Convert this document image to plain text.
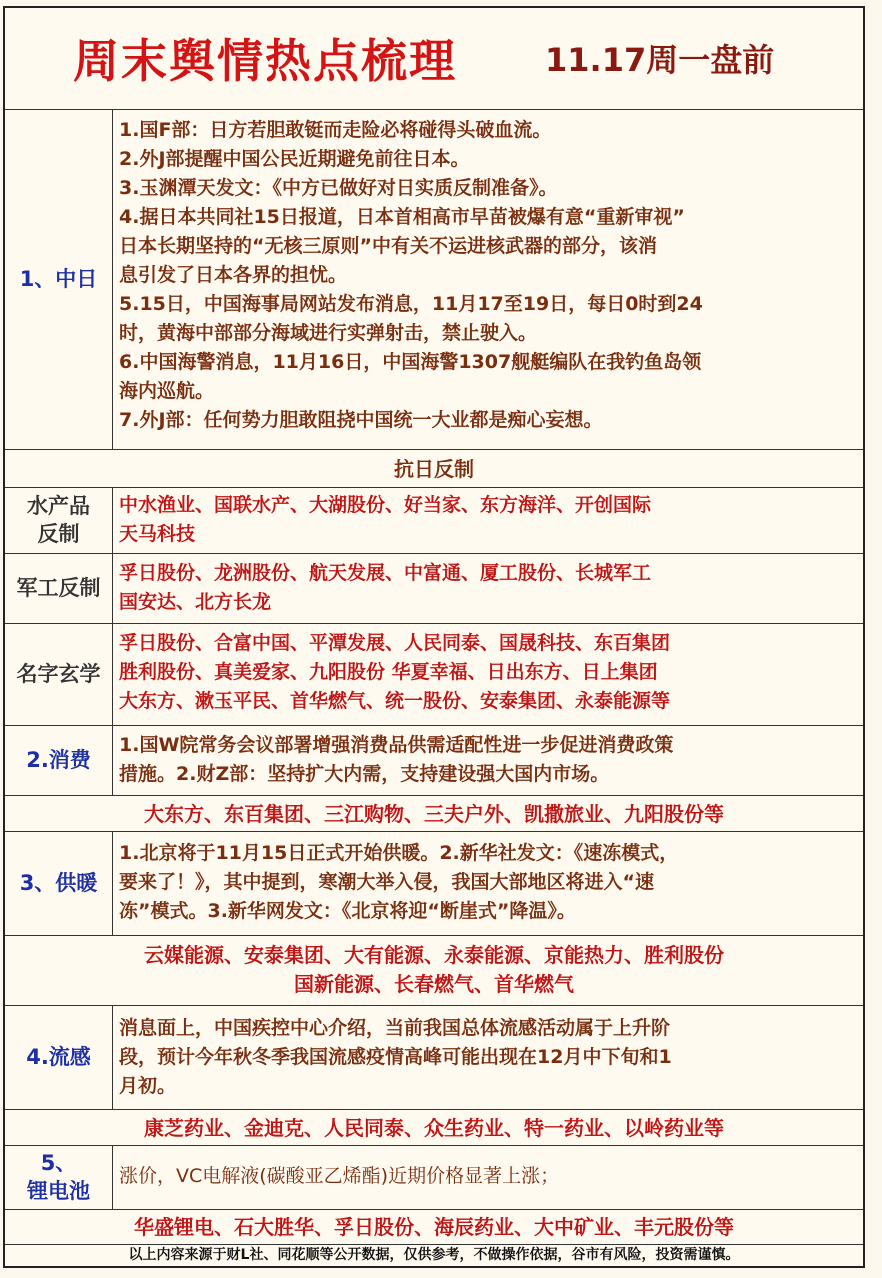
周末舆情热点梳理	11.17周一盘前
1、中日
1.国F部：日方若胆敢铤而走险必将碰得头破血流。
2.外J部提醒中国公民近期避免前往日本。
3.玉渊潭天发文：《中方已做好对日实质反制准备》。
4.据日本共同社15日报道，日本首相高市早苗被爆有意“重新审视”
日本长期坚持的“无核三原则”中有关不运进核武器的部分，该消
息引发了日本各界的担忧。
5.15日，中国海事局网站发布消息，11月17至19日，每日0时到24
时，黄海中部部分海域进行实弹射击，禁止驶入。
6.中国海警消息，11月16日，中国海警1307舰艇编队在我钓鱼岛领
海内巡航。
7.外J部：任何势力胆敢阻挠中国统一大业都是痴心妄想。
抗日反制
水产品
反制
中水渔业、国联水产、大湖股份、好当家、东方海洋、开创国际
天马科技
军工反制
孚日股份、龙洲股份、航天发展、中富通、厦工股份、长城军工
国安达、北方长龙
名字玄学
孚日股份、合富中国、平潭发展、人民同泰、国晟科技、东百集团
胜利股份、真美爱家、九阳股份 华夏幸福、日出东方、日上集团
大东方、漱玉平民、首华燃气、统一股份、安泰集团、永泰能源等
2.消费
1.国W院常务会议部署增强消费品供需适配性进一步促进消费政策
措施。2.财Z部：坚持扩大内需，支持建设强大国内市场。
大东方、东百集团、三江购物、三夫户外、凯撒旅业、九阳股份等
3、供暖
1.北京将于11月15日正式开始供暖。2.新华社发文：《速冻模式，
要来了！》，其中提到，寒潮大举入侵，我国大部地区将进入“速
冻”模式。3.新华网发文：《北京将迎“断崖式”降温》。
云媒能源、安泰集团、大有能源、永泰能源、京能热力、胜利股份
国新能源、长春燃气、首华燃气
4.流感
消息面上，中国疾控中心介绍，当前我国总体流感活动属于上升阶
段，预计今年秋冬季我国流感疫情高峰可能出现在12月中下旬和1
月初。
康芝药业、金迪克、人民同泰、众生药业、特一药业、以岭药业等
5、
锂电池
涨价，VC电解液(碳酸亚乙烯酯)近期价格显著上涨；
华盛锂电、石大胜华、孚日股份、海辰药业、大中矿业、丰元股份等
以上内容来源于财L社、同花顺等公开数据，仅供参考，不做操作依据，谷市有风险，投资需谨慎。
